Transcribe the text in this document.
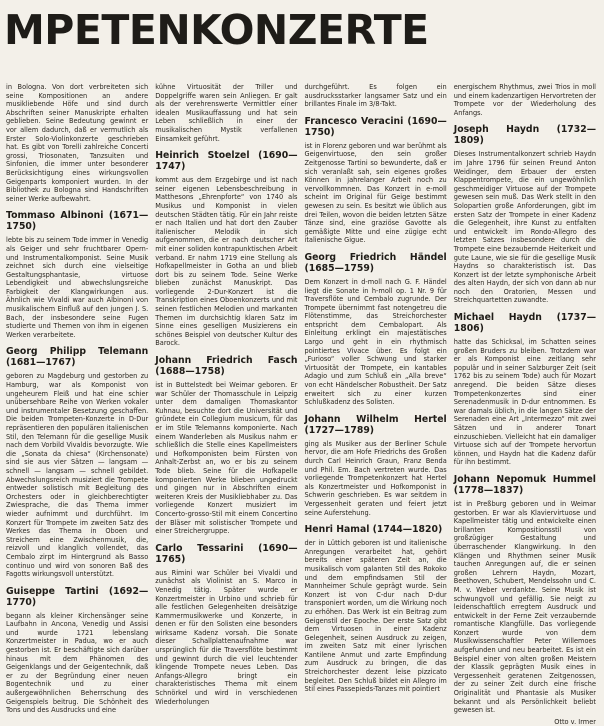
MPETENKONZERTE

in Bologna. Von dort verbreiteten sich seine Kompositionen an andere musikliebende Höfe und sind durch Abschriften seiner Manuskripte erhalten geblieben. Seine Bedeutung gewinnt er vor allem dadurch, daß er vermutlich als Erster Solo-Violinkonzerte geschrieben hat. Es gibt von Torelli zahlreiche Concerti grossi, Triosonaten, Tanzsuiten und Sinfonien, die immer unter besonderer Berücksichtigung eines wirkungsvollen Geigenparts komponiert wurden. In der Bibliothek zu Bologna sind Handschriften seiner Werke aufbewahrt.

Tommaso Albinoni (1671—1750)

lebte bis zu seinem Tode immer in Venedig als Geiger und sehr fruchtbarer Opern- und Instrumentalkomponist. Seine Musik zeichnet sich durch eine vielseitige Gestaltungsphantasie, virtuose Lebendigkeit und abwechslungsreiche Farbigkeit der Klangwirkungen aus. Ähnlich wie Vivaldi war auch Albinoni von musikalischem Einfluß auf den jungen J. S. Bach, der insbesondere seine Fugen studierte und Themen von ihm in eigenen Werken verarbeitete.

Georg Philipp Telemann (1681—1767)

geboren zu Magdeburg und gestorben zu Hamburg, war als Komponist von ungeheurem Fleiß und hat eine schier unübersehbare Reihe von Werken vokaler und instrumentaler Besetzung geschaffen. Die beiden Trompeten-Konzerte in D-Dur repräsentieren den populären italienischen Stil, den Telemann für die gesellige Musik nach dem Vorbild Vivaldis bevorzugte. Wie die „Sonata da chiesa“ (Kirchensonate) sind sie aus vier Sätzen — langsam — schnell — langsam — schnell gebildet. Abwechslungsreich musiziert die Trompete entweder solistisch mit Begleitung des Orchesters oder in gleichberechtigter Zwiesprache, die das Thema immer wieder aufnimmt und durchführt. Im Konzert für Trompete im zweiten Satz des Werkes das Thema in Oboen und Streichern eine Zwischenmusik, die, reizvoll und klanglich vollendet, das Cembalo zirpt im Hintergrund als Basso continuo und wird von sonoren Baß des Fagotts wirkungsvoll unterstützt.

Guiseppe Tartini (1692—1770)

begann als kleiner Kirchensänger seine Laufbahn in Ancona, Venedig und Assisi und wurde 1721 lebenslang Konzertmeister in Padua, wo er auch gestorben ist. Er beschäftigte sich darüber hinaus mit dem Phänomen des Geigenklangs und der Geigentechnik, daß er zu der Begründung einer neuen Bogentechnik und zu einer außergewöhnlichen Beherrschung des Geigenspiels beitrug. Die Schönheit des Tons und des Ausdrucks und eine

kühne Virtuosität der Triller und Doppelgriffe waren sein Anliegen. Er galt als der verehrenswerte Vermittler einer idealen Musikauffassung und hat sein Leben schließlich in einer der musikalischen Mystik verfallenen Einsamkeit geführt.

Heinrich Stoelzel (1690—1747)

kommt aus dem Erzgebirge und ist nach seiner eigenen Lebensbeschreibung in Matthesons „Ehrenpforte“ von 1740 als Musikus und Komponist in vielen deutschen Städten tätig. Für ein Jahr reiste er nach Italien und hat dort den Zauber italienischer Melodik in sich aufgenommen, die er nach deutscher Art mit einer soliden kontrapunktischen Arbeit verband. Er nahm 1719 eine Stellung als Hofkapellmeister in Gotha an und blieb dort bis zu seinem Tode. Seine Werke blieben zunächst Manuskript. Das vorliegende 2-Dur-Konzert ist die Transkription eines Oboenkonzerts und mit seinen festlichen Melodien und markanten Themen im durchsichtig klaren Satz im Sinne eines geselligen Musizierens ein schönes Beispiel von deutscher Kultur des Barock.

Johann Friedrich Fasch (1688—1758)

ist in Buttelstedt bei Weimar geboren. Er war Schüler der Thomasschule in Leipzig unter dem damaligen Thomaskantor Kuhnau, besuchte dort die Universität und gründete ein Collegium musicum, für das er im Stile Telemanns komponierte. Nach einem Wanderleben als Musikus nahm er schließlich die Stelle eines Kapellmeisters und Hofkomponisten beim Fürsten von Anhalt-Zerbst an, wo er bis zu seinem Tode blieb. Seine für die Hofkapelle komponierten Werke blieben ungedruckt und gingen nur in Abschriften einem weiteren Kreis der Musikliebhaber zu. Das vorliegende Konzert musiziert im Concerto-grosso-Stil mit einem Concertino der Bläser mit solistischer Trompete und einer Streichergruppe.

Carlo Tessarini (1690—1765)

aus Rimini war Schüler bei Vivaldi und zunächst als Violinist an S. Marco in Venedig tätig. Später wurde er Konzertmeister in Urbino und schrieb für alle festlichen Gelegenheiten dreisätzige Kammermusikwerke und Konzerte, in denen er für den Solisten eine besonders wirksame Kadenz vorsah. Die Sonate dieser Schallplattenaufnahme war ursprünglich für die Traversflöte bestimmt und gewinnt durch die viel leuchtender klingende Trompete neues Leben. Das Anfangs-Allegro bringt ein charakteristisches Thema mit einem Schnörkel und wird in verschiedenen Wiederholungen

durchgeführt. Es folgen ein ausdrucksstarker langsamer Satz und ein brillantes Finale im 3/8-Takt.

Francesco Veracini (1690—1750)

ist in Florenz geboren und war berühmt als Geigenvirtuose, den sein großer Zeitgenosse Tartini so bewunderte, daß er sich veranlaßt sah, sein eigenes großes Können in jahrelanger Arbeit noch zu vervollkommnen. Das Konzert in e-moll scheint im Original für Geige bestimmt gewesen zu sein. Es besitzt wie üblich aus drei Teilen, wovon die beiden letzten Sätze Tänze sind, eine graziöse Gavotte als gemäßigte Mitte und eine zügige echt italienische Gigue.

Georg Friedrich Händel (1685—1759)

Dem Konzert in d-moll nach G. F. Händel liegt die Sonate in h-moll op. 1 Nr. 9 für Traversflöte und Cembalo zugrunde. Der Trompete übernimmt fast notengetreu die Flötenstimme, das Streichorchester entspricht dem Cembalopart. Als Einleitung erklingt ein majestätisches Largo und geht in ein rhythmisch pointiertes Vivace über. Es folgt ein „Furioso“ voller Schwung und starker Virtuosität der Trompete, ein kantables Adagio und zum Schluß ein „Alla breve“ von echt Händelscher Robustheit. Der Satz erweitert sich zu einer kurzen Schlußkadenz des Solisten.

Johann Wilhelm Hertel (1727—1789)

ging als Musiker aus der Berliner Schule hervor, die am Hofe Friedrichs des Großen durch Carl Heinrich Graun, Franz Benda und Phil. Em. Bach vertreten wurde. Das vorliegende Trompetenkonzert hat Hertel als Konzertmeister und Hofkomponist in Schwerin geschrieben. Es war seitdem in Vergessenheit geraten und feiert jetzt seine Auferstehung.

Henri Hamal (1744—1820)

der in Lüttich geboren ist und italienische Anregungen verarbeitet hat, gehört bereits einer späteren Zeit an, die musikalisch vom galanten Stil des Rokoko und dem empfindsamen Stil der Mannheimer Schule geprägt wurde. Sein Konzert ist von C-dur nach D-dur transponiert worden, um die Wirkung noch zu erhöhen. Das Werk ist ein Beitrag zum Geigenstil der Epoche. Der erste Satz gibt dem Virtuosen in einer Kadenz Gelegenheit, seinen Ausdruck zu zeigen, im zweiten Satz mit einer lyrischen Kantilene Anmut und zarte Empfindung zum Ausdruck zu bringen, die das Streichorchester dezent leise pizzicato begleitet. Den Schluß bildet ein Allegro im Stil eines Passepieds-Tanzes mit pointiert

energischem Rhythmus, zwei Trios in moll und einem kadenzartigen Hervortreten der Trompete vor der Wiederholung des Anfangs.

Joseph Haydn (1732—1809)

Dieses Instrumentalkonzert schrieb Haydn im Jahre 1796 für seinen Freund Anton Weidinger, dem Erbauer der ersten Klappentrompete, die ein ungewöhnlich geschmeidiger Virtuose auf der Trompete gewesen sein muß. Das Werk stellt in den Solopartien große Anforderungen, gibt im ersten Satz der Trompete in einer Kadenz die Gelegenheit, ihre Kunst zu entfalten und entwickelt im Rondo-Allegro des letzten Satzes insbesondere durch die Trompete eine bezaubernde Heiterkeit und gute Laune, wie sie für die gesellige Musik Haydns so charakteristisch ist. Das Konzert ist der letzte symphonische Arbeit des alten Haydn, der sich von dann ab nur noch den Oratorien, Messen und Streichquartetten zuwandte.

Michael Haydn (1737—1806)

hatte das Schicksal, im Schatten seines großen Bruders zu bleiben. Trotzdem war er als Komponist eine zeitlang sehr populär und in seiner Salzburger Zeit (seit 1762 bis zu seinem Tode) auch für Mozart anregend. Die beiden Sätze dieses Trompetenkonzertes sind einer Serenadenmusik in D-dur entnommen. Es war damals üblich, in die langen Sätze der Serenaden eine Art „Intermezzo“ mit zwei Sätzen und in anderer Tonart einzuschieben. Vielleicht hat ein damaliger Virtuose sich auf der Trompete hervortun können, und Haydn hat die Kadenz dafür für ihn bestimmt.

Johann Nepomuk Hummel (1778—1837)

ist in Preßburg geboren und in Weimar gestorben. Er war als Klaviervirtuose und Kapellmeister tätig und entwickelte einen brillanten Kompositionsstil von großzügiger Gestaltung und überraschender Klangwirkung. In den Klängen und Rhythmen seiner Musik tauchen Anregungen auf, die er seinen großen Lehrern Haydn, Mozart, Beethoven, Schubert, Mendelssohn und C. M. v. Weber verdankte. Seine Musik ist schwungvoll und gefällig. Sie neigt zu leidenschaftlich erregtem Ausdruck und entwickelt in der Ferne Zeit verzaubernde romantische Klangfülle. Das vorliegende Konzert wurde von dem Musikwissenschaftler Peter Willemoes aufgefunden und neu bearbeitet. Es ist ein Beispiel einer von alten großen Meistern der Klassik geprägten Musik eines in Vergessenheit geratenen Zeitgenossen, der zu seiner Zeit durch eine frische Originalität und Phantasie als Musiker bekannt und als Persönlichkeit beliebt gewesen ist.

Otto v. Irmer
